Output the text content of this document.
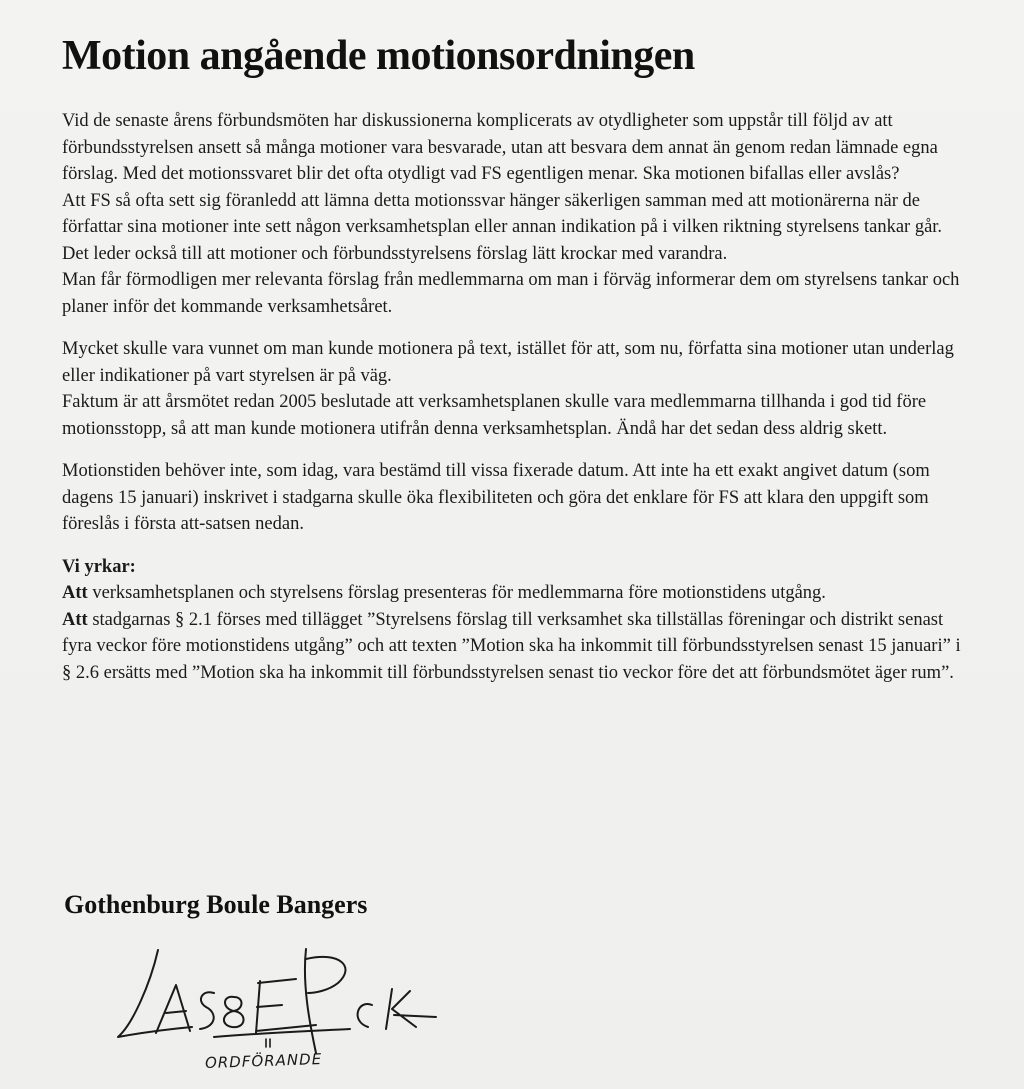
Motion angående motionsordningen

Vid de senaste årens förbundsmöten har diskussionerna komplicerats av otydligheter som uppstår till följd av att förbundsstyrelsen ansett så många motioner vara besvarade, utan att besvara dem annat än genom redan lämnade egna förslag. Med det motionssvaret blir det ofta otydligt vad FS egentligen menar. Ska motionen bifallas eller avslås?

Att FS så ofta sett sig föranledd att lämna detta motionssvar hänger säkerligen samman med att motionärerna när de författar sina motioner inte sett någon verksamhetsplan eller annan indikation på i vilken riktning styrelsens tankar går. Det leder också till att motioner och förbundsstyrelsens förslag lätt krockar med varandra.

Man får förmodligen mer relevanta förslag från medlemmarna om man i förväg informerar dem om styrelsens tankar och planer inför det kommande verksamhetsåret.

Mycket skulle vara vunnet om man kunde motionera på text, istället för att, som nu, författa sina motioner utan underlag eller indikationer på vart styrelsen är på väg.

Faktum är att årsmötet redan 2005 beslutade att verksamhetsplanen skulle vara medlemmarna tillhanda i god tid före motionsstopp, så att man kunde motionera utifrån denna verksamhetsplan. Ändå har det sedan dess aldrig skett.

Motionstiden behöver inte, som idag, vara bestämd till vissa fixerade datum. Att inte ha ett exakt angivet datum (som dagens 15 januari) inskrivet i stadgarna skulle öka flexibiliteten och göra det enklare för FS att klara den uppgift som föreslås i första att-satsen nedan.

Vi yrkar:

Att verksamhetsplanen och styrelsens förslag presenteras för medlemmarna före motionstidens utgång.

Att stadgarnas § 2.1 förses med tillägget ”Styrelsens förslag till verksamhet ska tillställas föreningar och distrikt senast fyra veckor före motionstidens utgång” och att texten ”Motion ska ha inkommit till förbundsstyrelsen senast 15 januari” i § 2.6 ersätts med ”Motion ska ha inkommit till förbundsstyrelsen senast tio veckor före det att förbundsmötet äger rum”.

Gothenburg Boule Bangers
ORDFÖRANDE
